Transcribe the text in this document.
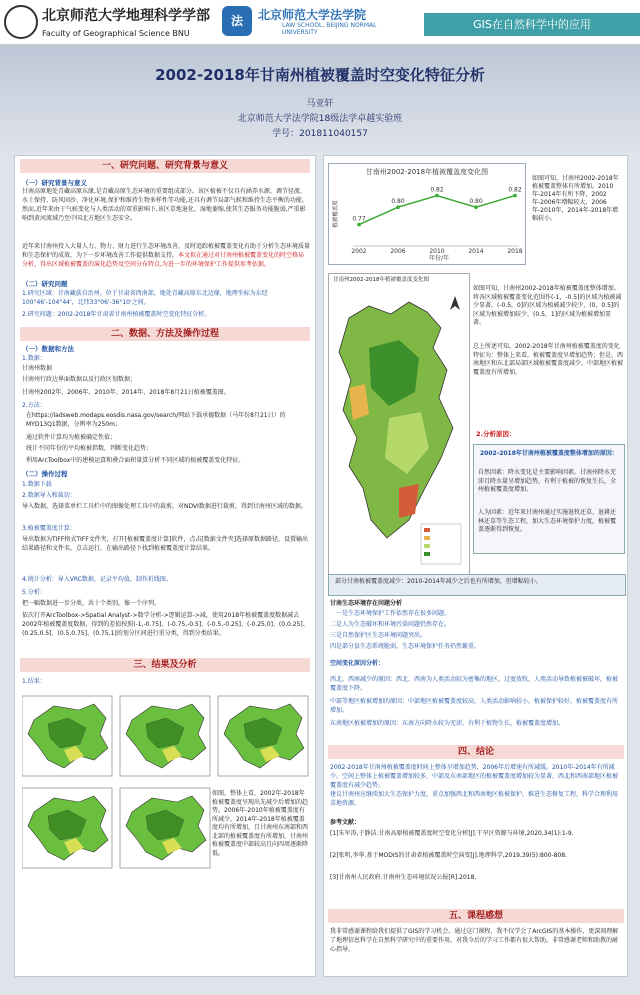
北京师范大学地理科学学部
Faculty of Geographical Science BNU
法	北京师范大学法学院
LAW SCHOOL, BEIJING NORMAL UNIVERSITY
GIS在自然科学中的应用
2002-2018年甘南州植被覆盖时空变化特征分析
马亚轩
北京师范大学法学院18级法学卓越实验班
学号：201811040157
一、研究问题、研究背景与意义
（一）研究背景与意义
甘南高原地处青藏高原东缘,是青藏高原生态环境的重要组成部分。该区植被不仅具有涵养水源、调节径流、水土保持、防风固沙、净化环境,保护和维持生物多样性等功能,还具有调节局部气候和维持生态平衡的功能。然而,近年来由于气候变化与人类活动的双重影响下,该区草地退化、湿地萎缩,使其生态服务功能脆弱,严重影响到黄河流域乃至中国北方地区生态安全。
近年来甘南州投入大量人力、物力、财力进行生态环境改善，及时追踪植被覆盖变化有助于分析生态环境质量和生态保护的成效，为下一步环境改善工作提供数据支持。本文拟在通过对甘南州植被覆盖变化的时空格局分析，得出区域植被覆盖的演化趋势及空间分布特点,为进一步的环境保护工作提供参考依据。
（二）研究问题
1.研究区域：甘南藏族自治州。位于甘肃省西南部，地处青藏高原东北边缘，地理坐标为东经100°46'-104°44'，北纬33°06'-36°10'之间。
2.研究问题：2002-2018年甘肃省甘南州植被覆盖时空变化特征分析。
二、数据、方法及操作过程
（一）数据和方法
1.数据：
甘南州数据
甘南州行政边界面数据以及行政区划数据；
甘南州2002年、2006年、2010年、2014年、2018年8月21日植被覆盖图。
2.方法：
在https://ladsweb.modaps.eosdis.nasa.gov/search/网站下载承德数据（马年份8月21日）的MYD13Q1数据，分辨率为250m；
通过软件计算均为植被确定性值；
统计不同年份的平均植被指数，判断变化趋势；
利用ArcToolbox中的建模运算和叠合面积量算分析不同区域的植被覆盖变化特征。
（二）操作过程
1.数据下载
2.数据导入和裁切：
导入数据，选择菜单栏工具栏中的图像处理工具中的裁剪，对NDVI数据进行裁剪，得到甘南州区域的数据。
3.植被覆盖度计算：
导出数据为TIFF格式TIFF文件夹，打开[植被覆盖度计算]软件，点击[数据文件夹]选择原数据路径，设置输出结果路径和文件名，点击运行，在输出路径下找到植被覆盖度计算结果。
4.统计分析：导入VRC数据，记录平均值，制作折线图。
5.分析：
把一幅数据进一步分类，共十个类别，像一个序列。
依次打开ArcToolbox->Spatial Analyst->数学分析->逻辑运算->减，使用2018年植被覆盖度数据减去2002年植被覆盖度数据，得到的差值按照(-1,-0.75]、(-0.75,-0.5]、(-0.5,-0.25]、(-0.25,0]、(0,0.25]、(0.25,0.5]、(0.5,0.75]、(0.75,1]的划分区间进行重分类，得到分类结果。
三、结果及分析
1.结果：
如图，整体上看，2002年-2018年植被覆盖度呈现出先减少后增加的趋势。2006年-2010年植被覆盖度有所减少，2014年-2018年植被覆盖度均有所增加，且甘南州东南部和西北部的植被覆盖度有所增加，甘南州植被覆盖度中部较高且向四周逐渐降低。
甘南州2002-2018年植被覆盖度变化图
植被覆盖度
年份/年
0.77
2002
0.80
2006
0.82
2010
0.80
2014
0.82
2018
如图可知，甘南州2002-2018年植被覆盖整体有所增加。2010年-2014年有所下降，2002年-2006年增幅较大，2006年-2010年，2014年-2018年增幅较小。
甘南州2002-2018年植被覆盖度变化图
如图可知，甘南州2002-2018年植被覆盖度整体增加。将各区域植被覆盖变化范围作(-1，-0.5]的区域为植被减少显著，(-0.5，0]的区域为植被减少较少，(0，0.5]的区域为植被增加较少，(0.5，1]的区域为植被增加显著。
总上所述可知，2002-2018年甘南州植被覆盖度的变化特征为：整体上来看，植被覆盖度呈增加趋势；但是，西南地区和东北部局部区域植被覆盖度减少，中部地区植被覆盖度有所增加。
2.分析原因：
2002-2018年甘南州植被覆盖度整体增加的原因：
自然因素：降水变化是主要影响因素。甘南州降水充沛且降水量呈增加趋势，有利于植被的恢复生长，全州植被覆盖度增加。
人为因素：近年来甘南州通过实施退牧还草、退耕还林还草等生态工程，加大生态环境保护力度，植被覆盖逐渐得到恢复。
部分甘南植被覆盖度减少：2010-2014年减少之后也有所增加，但增幅较小。
甘南生态环境存在问题分析
一是生态环境保护工作依然存在很多问题。
二是人为生态破坏和环境污染问题仍然存在。
三是自然保护区生态环境问题突出。
四是部分县生态系统脆弱，生态环境保护任务仍然繁重。
空间变化原因分析：
西北，西南减少的原因：西北、西南为人类活动较为密集的地区，过度放牧、人类活动导致植被被破坏，植被覆盖度下降。
中部等地区植被增加的原因：中部地区植被覆盖度较高，人类活动影响较小，植被保护较好，植被覆盖度有所增加。
东南地区植被增加的原因：东南方向降水较为充沛，有利于植物生长，植被覆盖度增加。
四、结论
2002-2018年甘南州植被覆盖度时间上整体呈增加趋势，2006年后增速有所减缓。2010年-2014年有所减少。空间上整体上植被覆盖增加较多，中部及东南部地区的植被覆盖度增加较为显著，西北和西南部地区植被覆盖度有减少趋势。
建议甘南州应继续加大生态保护力度，重点加强西北和西南地区植被保护，推进生态修复工程，科学合理利用草地资源。
参考文献：
[1]朱军涛,于静洁.甘南高原植被覆盖度时空变化分析[J].干旱区资源与环境,2020,34(1):1-9.
[2]张明,李华.基于MODIS的甘肃省植被覆盖时空演变[J].地理科学,2019,39(5):800-808.
[3]甘南州人民政府.甘南州生态环境状况公报[R].2018.
五、课程感想
我非常感谢课程给我们提供了GIS的学习机会。通过这门课程，我不仅学会了ArcGIS的基本操作，更深刻理解了地理信息科学在自然科学研究中的重要作用，对我今后的学习工作都有很大帮助。非常感谢老师和助教的耐心指导。
